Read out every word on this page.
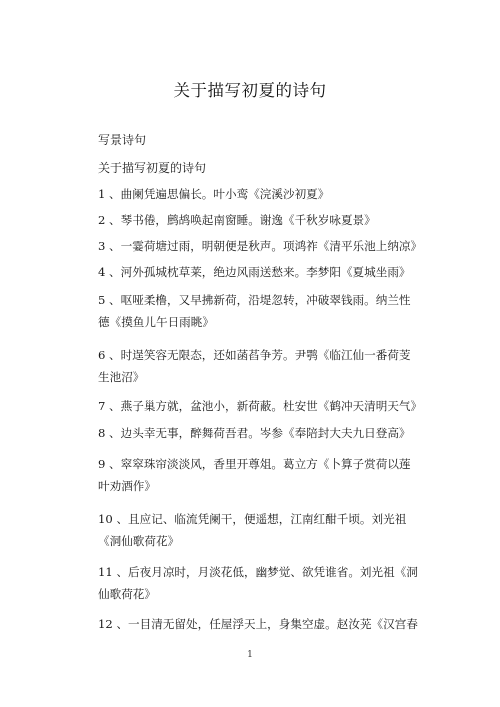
关于描写初夏的诗句
写景诗句
关于描写初夏的诗句
1 、曲阑凭遍思偏长。叶小鸾《浣溪沙初夏》
2 、琴书倦，鹧鸪唤起南窗睡。谢逸《千秋岁咏夏景》
3 、一霎荷塘过雨，明朝便是秋声。项鸿祚《清平乐池上纳凉》
4 、河外孤城枕草莱，绝边风雨送愁来。李梦阳《夏城坐雨》
5 、呕哑柔橹，又早拂新荷，沿堤忽转，冲破翠钱雨。纳兰性德《摸鱼儿午日雨眺》
6 、时逞笑容无限态，还如菡萏争芳。尹鹗《临江仙一番荷芰生池沼》
7 、燕子巢方就，盆池小，新荷蔽。杜安世《鹤冲天清明天气》
8 、边头幸无事，醉舞荷吾君。岑参《奉陪封大夫九日登高》
9 、窣窣珠帘淡淡风，香里开尊俎。葛立方《卜算子赏荷以莲叶劝酒作》
10 、且应记、临流凭阑干，便遥想，江南红酣千顷。刘光祖《洞仙歌荷花》
11 、后夜月凉时，月淡花低，幽梦觉、欲凭谁省。刘光祖《洞仙歌荷花》
12 、一目清无留处，任屋浮天上，身集空虚。赵汝茪《汉宫春
1
